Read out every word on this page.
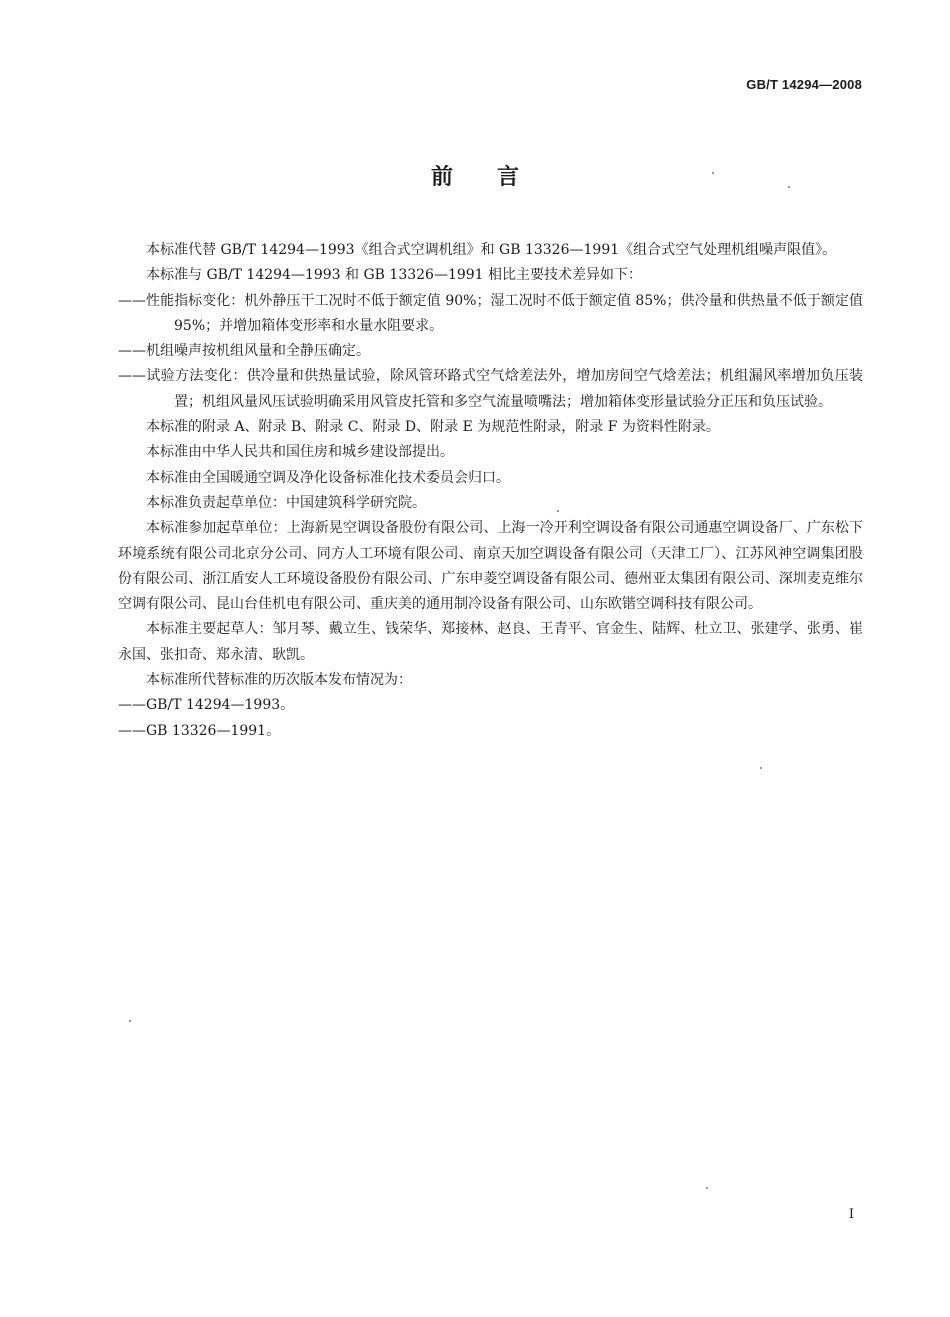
GB/T 14294—2008
前　　言

本标准代替 GB/T 14294—1993《组合式空调机组》和 GB 13326—1991《组合式空气处理机组噪声限值》。

本标准与 GB/T 14294—1993 和 GB 13326—1991 相比主要技术差异如下：

——性能指标变化：机外静压干工况时不低于额定值 90%；湿工况时不低于额定值 85%；供冷量和供热量不低于额定值 95%；并增加箱体变形率和水量水阻要求。

——机组噪声按机组风量和全静压确定。

——试验方法变化：供冷量和供热量试验，除风管环路式空气焓差法外，增加房间空气焓差法；机组漏风率增加负压装置；机组风量风压试验明确采用风管皮托管和多空气流量喷嘴法；增加箱体变形量试验分正压和负压试验。

本标准的附录 A、附录 B、附录 C、附录 D、附录 E 为规范性附录，附录 F 为资料性附录。

本标准由中华人民共和国住房和城乡建设部提出。

本标准由全国暖通空调及净化设备标准化技术委员会归口。

本标准负责起草单位：中国建筑科学研究院。

本标准参加起草单位：上海新晃空调设备股份有限公司、上海一冷开利空调设备有限公司通惠空调设备厂、广东松下环境系统有限公司北京分公司、同方人工环境有限公司、南京天加空调设备有限公司（天津工厂）、江苏风神空调集团股份有限公司、浙江盾安人工环境设备股份有限公司、广东申菱空调设备有限公司、德州亚太集团有限公司、深圳麦克维尔空调有限公司、昆山台佳机电有限公司、重庆美的通用制冷设备有限公司、山东欧锴空调科技有限公司。

本标准主要起草人：邹月琴、戴立生、钱荣华、郑接林、赵良、王青平、官金生、陆辉、杜立卫、张建学、张勇、崔永国、张扣奇、郑永清、耿凯。

本标准所代替标准的历次版本发布情况为：

——GB/T 14294—1993。

——GB 13326—1991。

I
